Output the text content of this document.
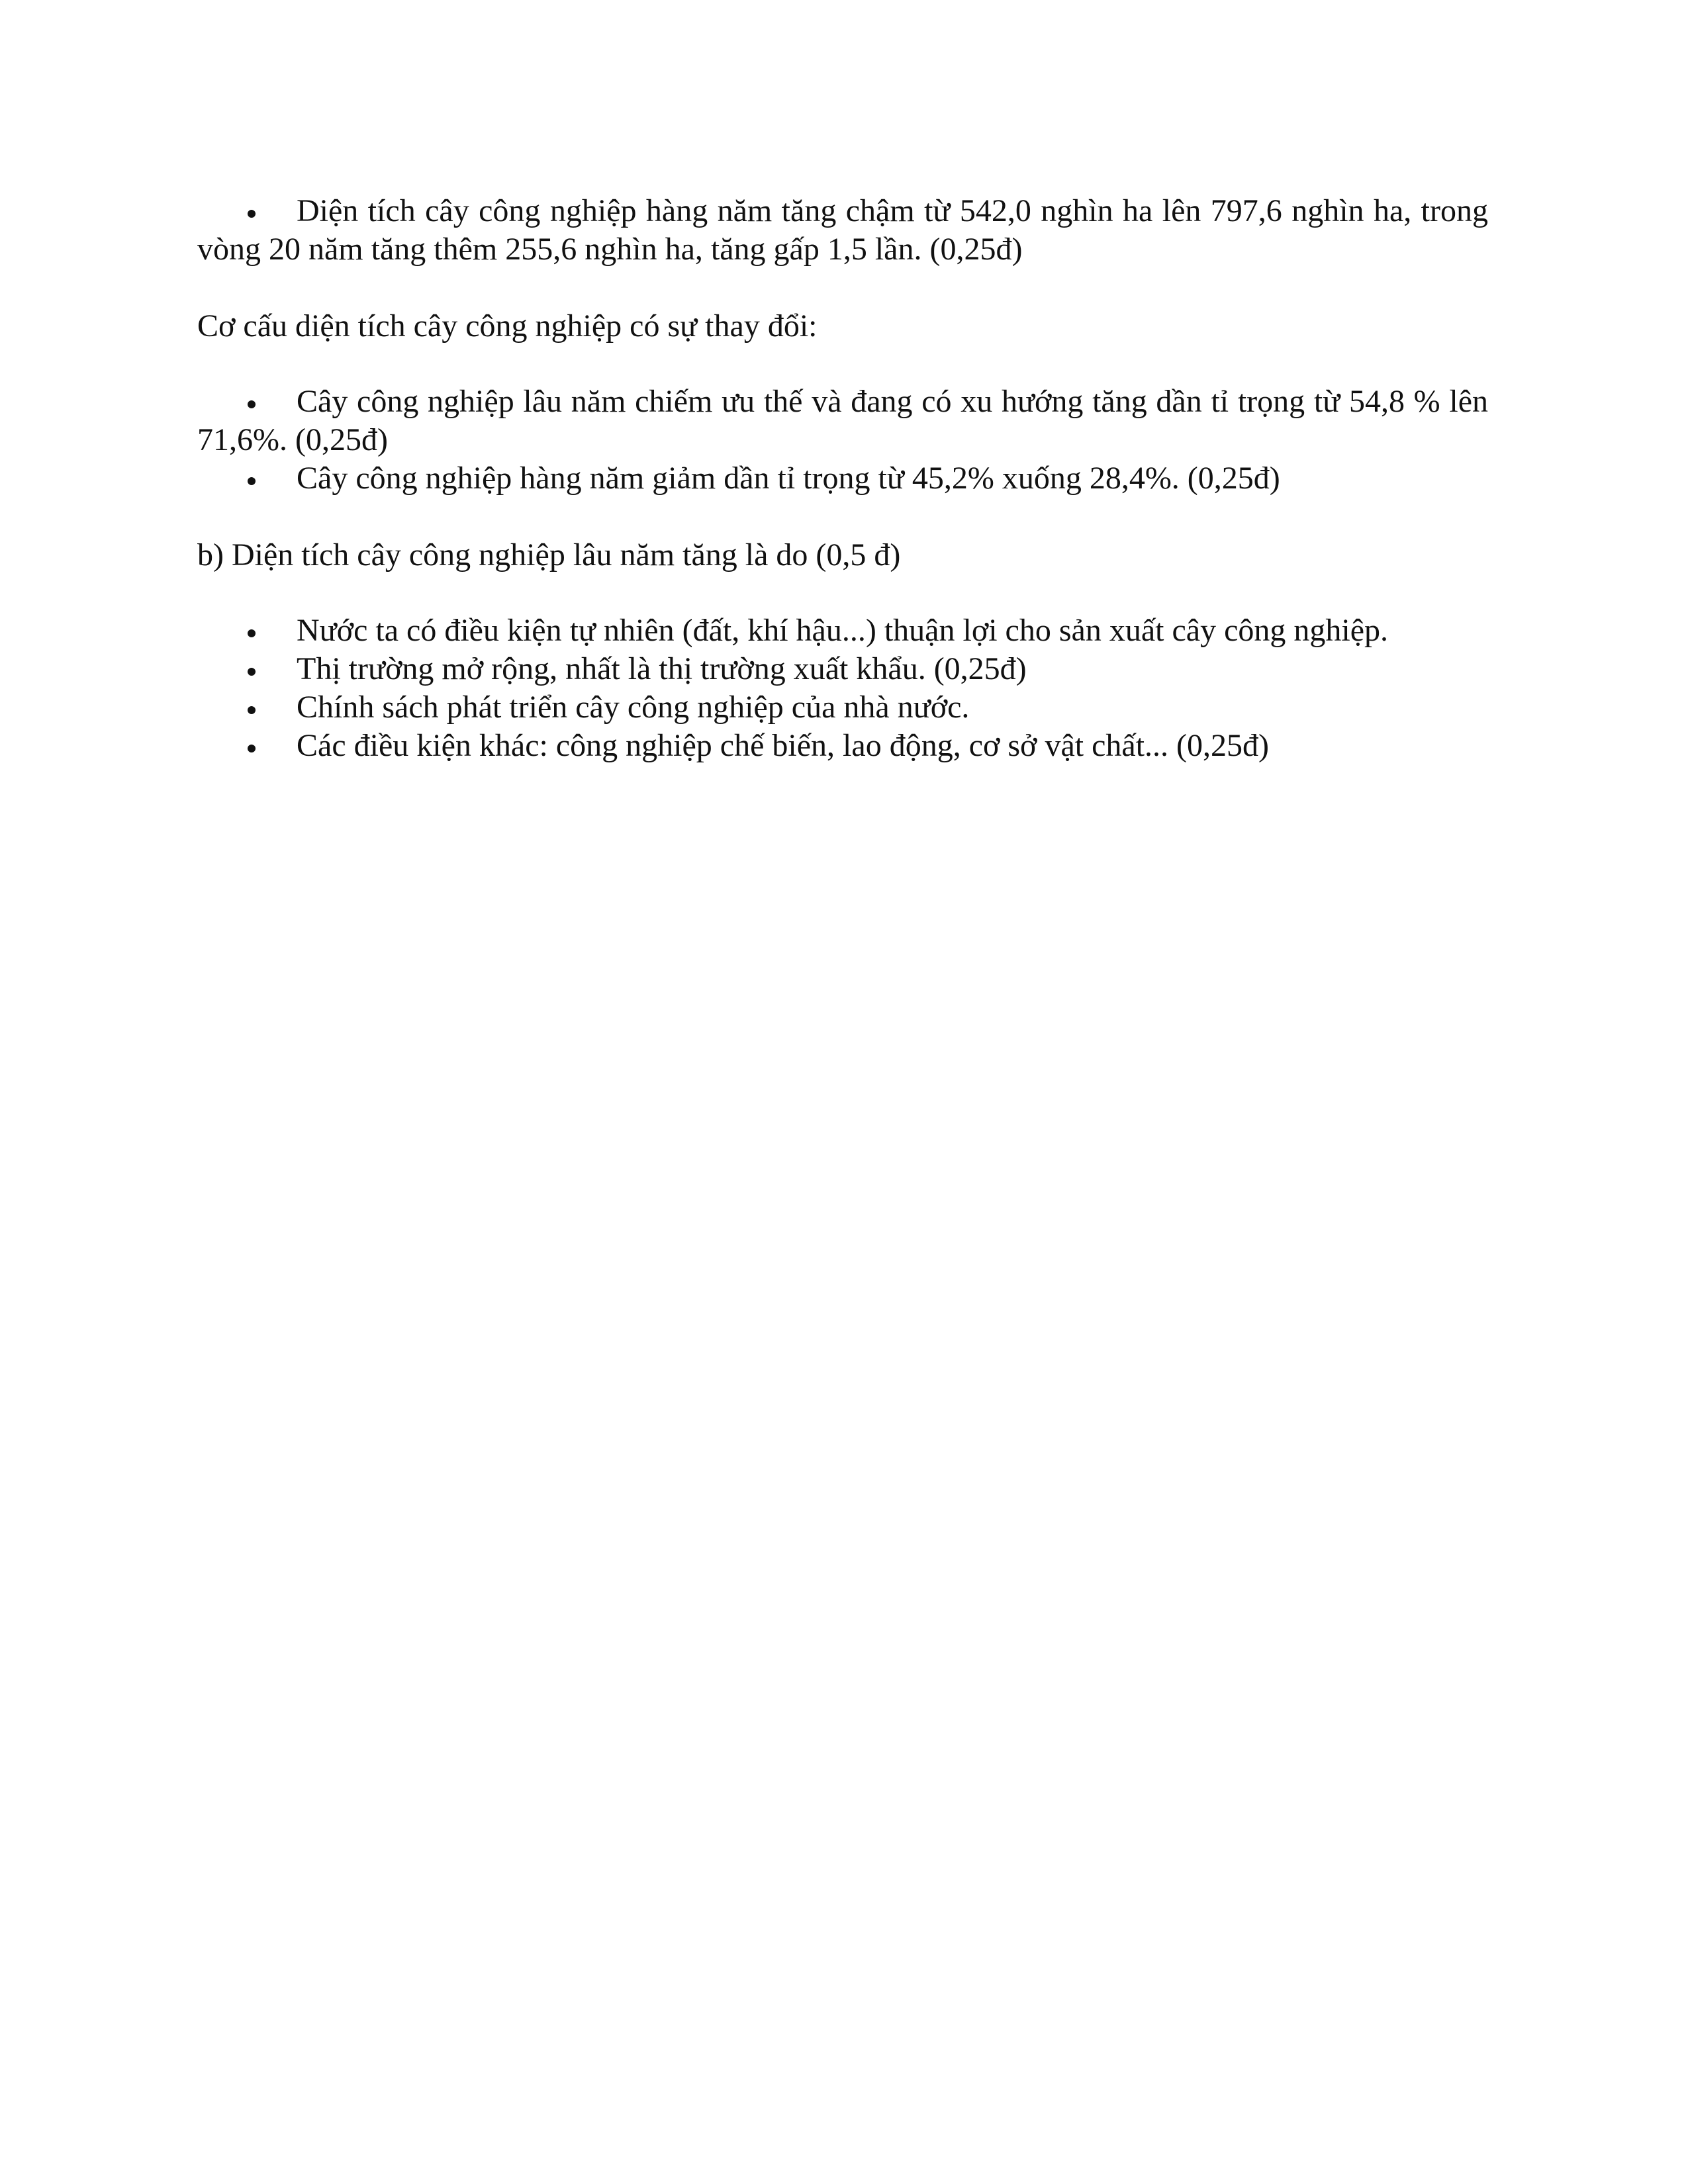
Diện tích cây công nghiệp hàng năm tăng chậm từ 542,0 nghìn ha lên 797,6 nghìn ha, trong vòng 20 năm tăng thêm 255,6 nghìn ha, tăng gấp 1,5 lần. (0,25đ)

Cơ cấu diện tích cây công nghiệp có sự thay đổi:

Cây công nghiệp lâu năm chiếm ưu thế và đang có xu hướng tăng dần tỉ trọng từ 54,8 % lên 71,6%. (0,25đ)
Cây công nghiệp hàng năm giảm dần tỉ trọng từ 45,2% xuống 28,4%. (0,25đ)

b) Diện tích cây công nghiệp lâu năm tăng là do (0,5 đ)

Nước ta có điều kiện tự nhiên (đất, khí hậu...) thuận lợi cho sản xuất cây công nghiệp.
Thị trường mở rộng, nhất là thị trường xuất khẩu. (0,25đ)
Chính sách phát triển cây công nghiệp của nhà nước.
Các điều kiện khác: công nghiệp chế biến, lao động, cơ sở vật chất... (0,25đ)
